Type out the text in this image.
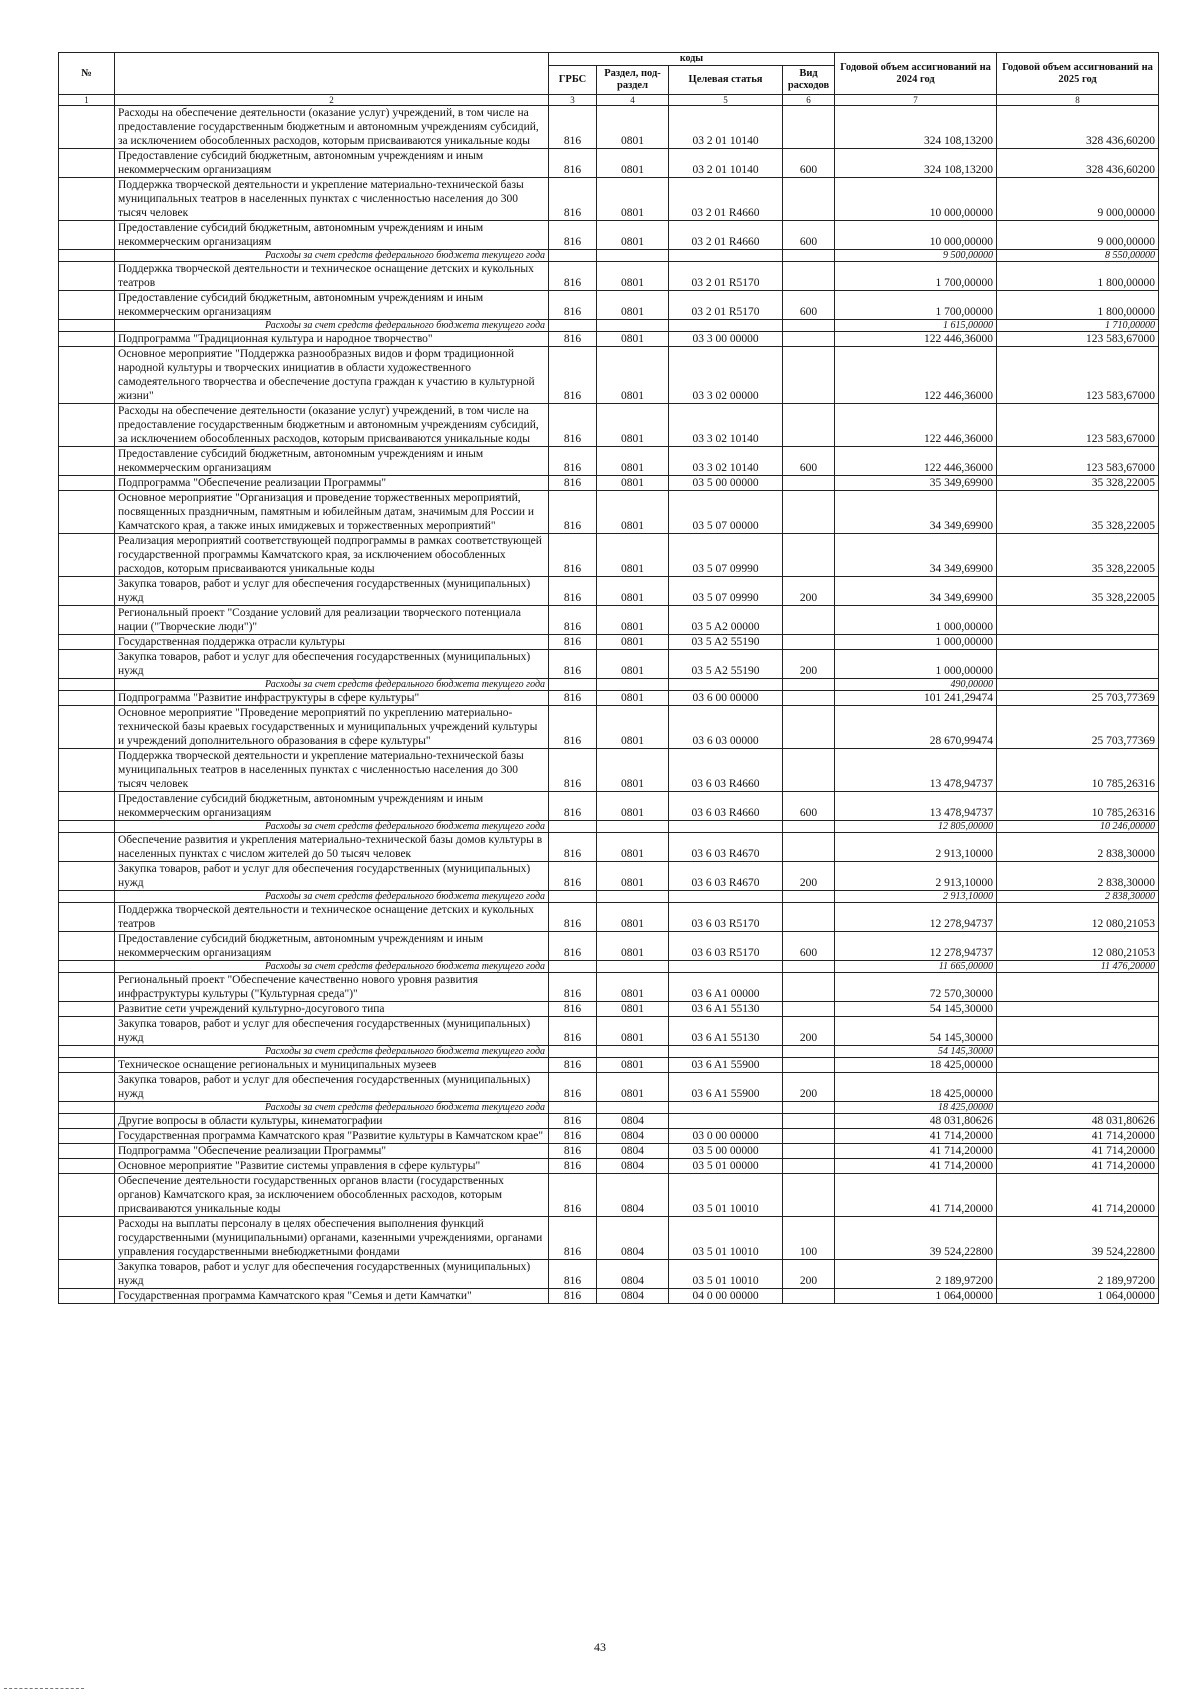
№		коды				Годовой объем ассигнований на 2024 год	Годовой объем ассигнований на 2025 год
		ГРБС	Раздел, под-раздел	Целевая статья	Вид расходов		
1	2	3	4	5	6	7	8
	Расходы на обеспечение деятельности (оказание услуг) учреждений, в том числе на предоставление государственным бюджетным и автономным учреждениям субсидий, за исключением обособленных расходов, которым присваиваются уникальные коды	816	0801	03 2 01 10140		324 108,13200	328 436,60200
	Предоставление субсидий бюджетным, автономным учреждениям и иным некоммерческим организациям	816	0801	03 2 01 10140	600	324 108,13200	328 436,60200
	Поддержка творческой деятельности и укрепление материально-технической базы муниципальных театров в населенных пунктах с численностью населения до 300 тысяч человек	816	0801	03 2 01 R4660		10 000,00000	9 000,00000
	Предоставление субсидий бюджетным, автономным учреждениям и иным некоммерческим организациям	816	0801	03 2 01 R4660	600	10 000,00000	9 000,00000
	Расходы за счет средств федерального бюджета текущего года					9 500,00000	8 550,00000
	Поддержка творческой деятельности и техническое оснащение детских и кукольных театров	816	0801	03 2 01 R5170		1 700,00000	1 800,00000
	Предоставление субсидий бюджетным, автономным учреждениям и иным некоммерческим организациям	816	0801	03 2 01 R5170	600	1 700,00000	1 800,00000
	Расходы за счет средств федерального бюджета текущего года					1 615,00000	1 710,00000
	Подпрограмма "Традиционная культура и народное творчество"	816	0801	03 3 00 00000		122 446,36000	123 583,67000
	Основное мероприятие "Поддержка разнообразных видов и форм традиционной народной культуры и творческих инициатив в области художественного самодеятельного творчества и обеспечение доступа граждан к участию в культурной жизни"	816	0801	03 3 02 00000		122 446,36000	123 583,67000
	Расходы на обеспечение деятельности (оказание услуг) учреждений, в том числе на предоставление государственным бюджетным и автономным учреждениям субсидий, за исключением обособленных расходов, которым присваиваются уникальные коды	816	0801	03 3 02 10140		122 446,36000	123 583,67000
	Предоставление субсидий бюджетным, автономным учреждениям и иным некоммерческим организациям	816	0801	03 3 02 10140	600	122 446,36000	123 583,67000
	Подпрограмма "Обеспечение реализации Программы"	816	0801	03 5 00 00000		35 349,69900	35 328,22005
	Основное мероприятие "Организация и проведение торжественных мероприятий, посвященных праздничным, памятным и юбилейным датам, значимым для России и Камчатского края, а также иных имиджевых и торжественных мероприятий"	816	0801	03 5 07 00000		34 349,69900	35 328,22005
	Реализация мероприятий соответствующей подпрограммы в рамках соответствующей государственной программы Камчатского края, за исключением обособленных расходов, которым присваиваются уникальные коды	816	0801	03 5 07 09990		34 349,69900	35 328,22005
	Закупка товаров, работ и услуг для обеспечения государственных (муниципальных) нужд	816	0801	03 5 07 09990	200	34 349,69900	35 328,22005
	Региональный проект "Создание условий для реализации творческого потенциала нации ("Творческие люди")"	816	0801	03 5 A2 00000		1 000,00000	
	Государственная поддержка отрасли культуры	816	0801	03 5 A2 55190		1 000,00000	
	Закупка товаров, работ и услуг для обеспечения государственных (муниципальных) нужд	816	0801	03 5 A2 55190	200	1 000,00000	
	Расходы за счет средств федерального бюджета текущего года					490,00000	
	Подпрограмма "Развитие инфраструктуры в сфере культуры"	816	0801	03 6 00 00000		101 241,29474	25 703,77369
	Основное мероприятие "Проведение мероприятий по укреплению материально-технической базы краевых государственных и муниципальных учреждений культуры и учреждений дополнительного образования в сфере культуры"	816	0801	03 6 03 00000		28 670,99474	25 703,77369
	Поддержка творческой деятельности и укрепление материально-технической базы муниципальных театров в населенных пунктах с численностью населения до 300 тысяч человек	816	0801	03 6 03 R4660		13 478,94737	10 785,26316
	Предоставление субсидий бюджетным, автономным учреждениям и иным некоммерческим организациям	816	0801	03 6 03 R4660	600	13 478,94737	10 785,26316
	Расходы за счет средств федерального бюджета текущего года					12 805,00000	10 246,00000
	Обеспечение развития и укрепления материально-технической базы домов культуры в населенных пунктах с числом жителей до 50 тысяч человек	816	0801	03 6 03 R4670		2 913,10000	2 838,30000
	Закупка товаров, работ и услуг для обеспечения государственных (муниципальных) нужд	816	0801	03 6 03 R4670	200	2 913,10000	2 838,30000
	Расходы за счет средств федерального бюджета текущего года					2 913,10000	2 838,30000
	Поддержка творческой деятельности и техническое оснащение детских и кукольных театров	816	0801	03 6 03 R5170		12 278,94737	12 080,21053
	Предоставление субсидий бюджетным, автономным учреждениям и иным некоммерческим организациям	816	0801	03 6 03 R5170	600	12 278,94737	12 080,21053
	Расходы за счет средств федерального бюджета текущего года					11 665,00000	11 476,20000
	Региональный проект "Обеспечение качественно нового уровня развития инфраструктуры культуры ("Культурная среда")"	816	0801	03 6 A1 00000		72 570,30000	
	Развитие сети учреждений культурно-досугового типа	816	0801	03 6 A1 55130		54 145,30000	
	Закупка товаров, работ и услуг для обеспечения государственных (муниципальных) нужд	816	0801	03 6 A1 55130	200	54 145,30000	
	Расходы за счет средств федерального бюджета текущего года					54 145,30000	
	Техническое оснащение региональных и муниципальных музеев	816	0801	03 6 A1 55900		18 425,00000	
	Закупка товаров, работ и услуг для обеспечения государственных (муниципальных) нужд	816	0801	03 6 A1 55900	200	18 425,00000	
	Расходы за счет средств федерального бюджета текущего года					18 425,00000	
	Другие вопросы в области культуры, кинематографии	816	0804			48 031,80626	48 031,80626
	Государственная программа Камчатского края "Развитие культуры в Камчатском крае"	816	0804	03 0 00 00000		41 714,20000	41 714,20000
	Подпрограмма "Обеспечение реализации Программы"	816	0804	03 5 00 00000		41 714,20000	41 714,20000
	Основное мероприятие "Развитие системы управления в сфере культуры"	816	0804	03 5 01 00000		41 714,20000	41 714,20000
	Обеспечение деятельности государственных органов власти (государственных органов) Камчатского края, за исключением обособленных расходов, которым присваиваются уникальные коды	816	0804	03 5 01 10010		41 714,20000	41 714,20000
	Расходы на выплаты персоналу в целях обеспечения выполнения функций государственными (муниципальными) органами, казенными учреждениями, органами управления государственными внебюджетными фондами	816	0804	03 5 01 10010	100	39 524,22800	39 524,22800
	Закупка товаров, работ и услуг для обеспечения государственных (муниципальных) нужд	816	0804	03 5 01 10010	200	2 189,97200	2 189,97200
	Государственная программа Камчатского края "Семья и дети Камчатки"	816	0804	04 0 00 00000		1 064,00000	1 064,00000
43
